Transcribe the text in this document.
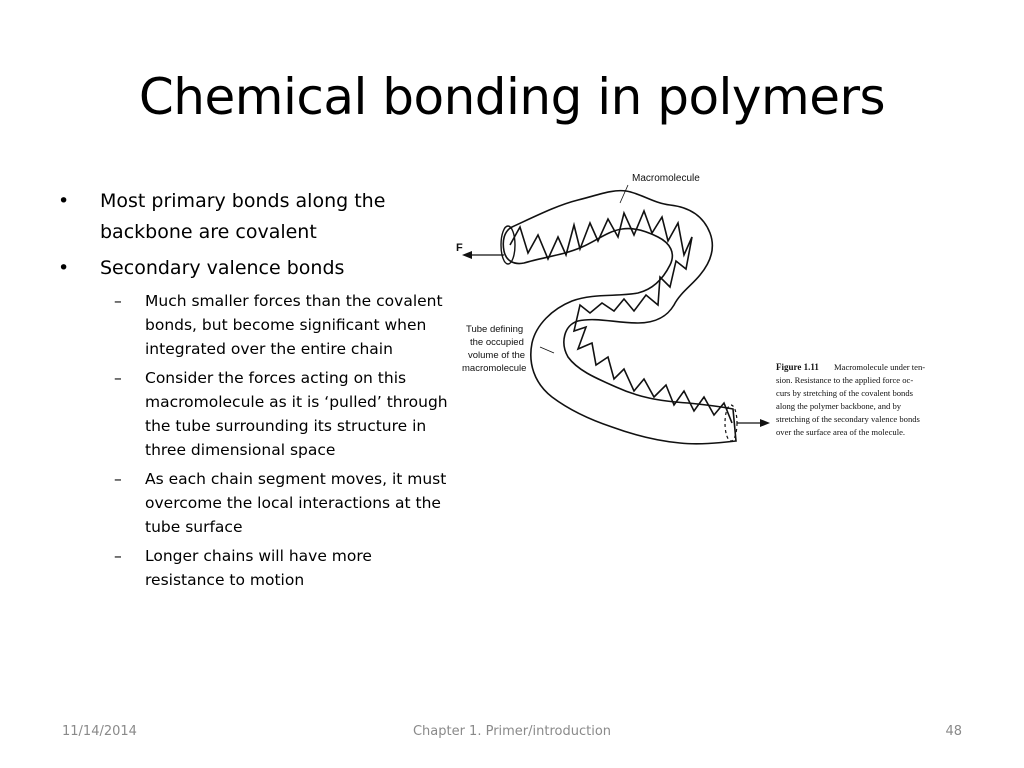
Chemical bonding in polymers
•	Most primary bonds along the backbone are covalent
•	Secondary valence bonds
– Much smaller forces than the covalent bonds, but become significant when integrated over the entire chain
– Consider the forces acting on this macromolecule as it is ‘pulled’ through the tube surrounding its structure in three dimensional space
– As each chain segment moves, it must overcome the local interactions at the tube surface
– Longer chains will have more resistance to motion
Macromolecule
F
Tube defining
the occupied
volume of the
macromolecule	Figure 1.11 Macromolecule under ten-
sion. Resistance to the applied force oc-
curs by stretching of the covalent bonds
along the polymer backbone, and by
stretching of the secondary valence bonds
over the surface area of the molecule.
11/14/2014	Chapter 1. Primer/introduction	48
